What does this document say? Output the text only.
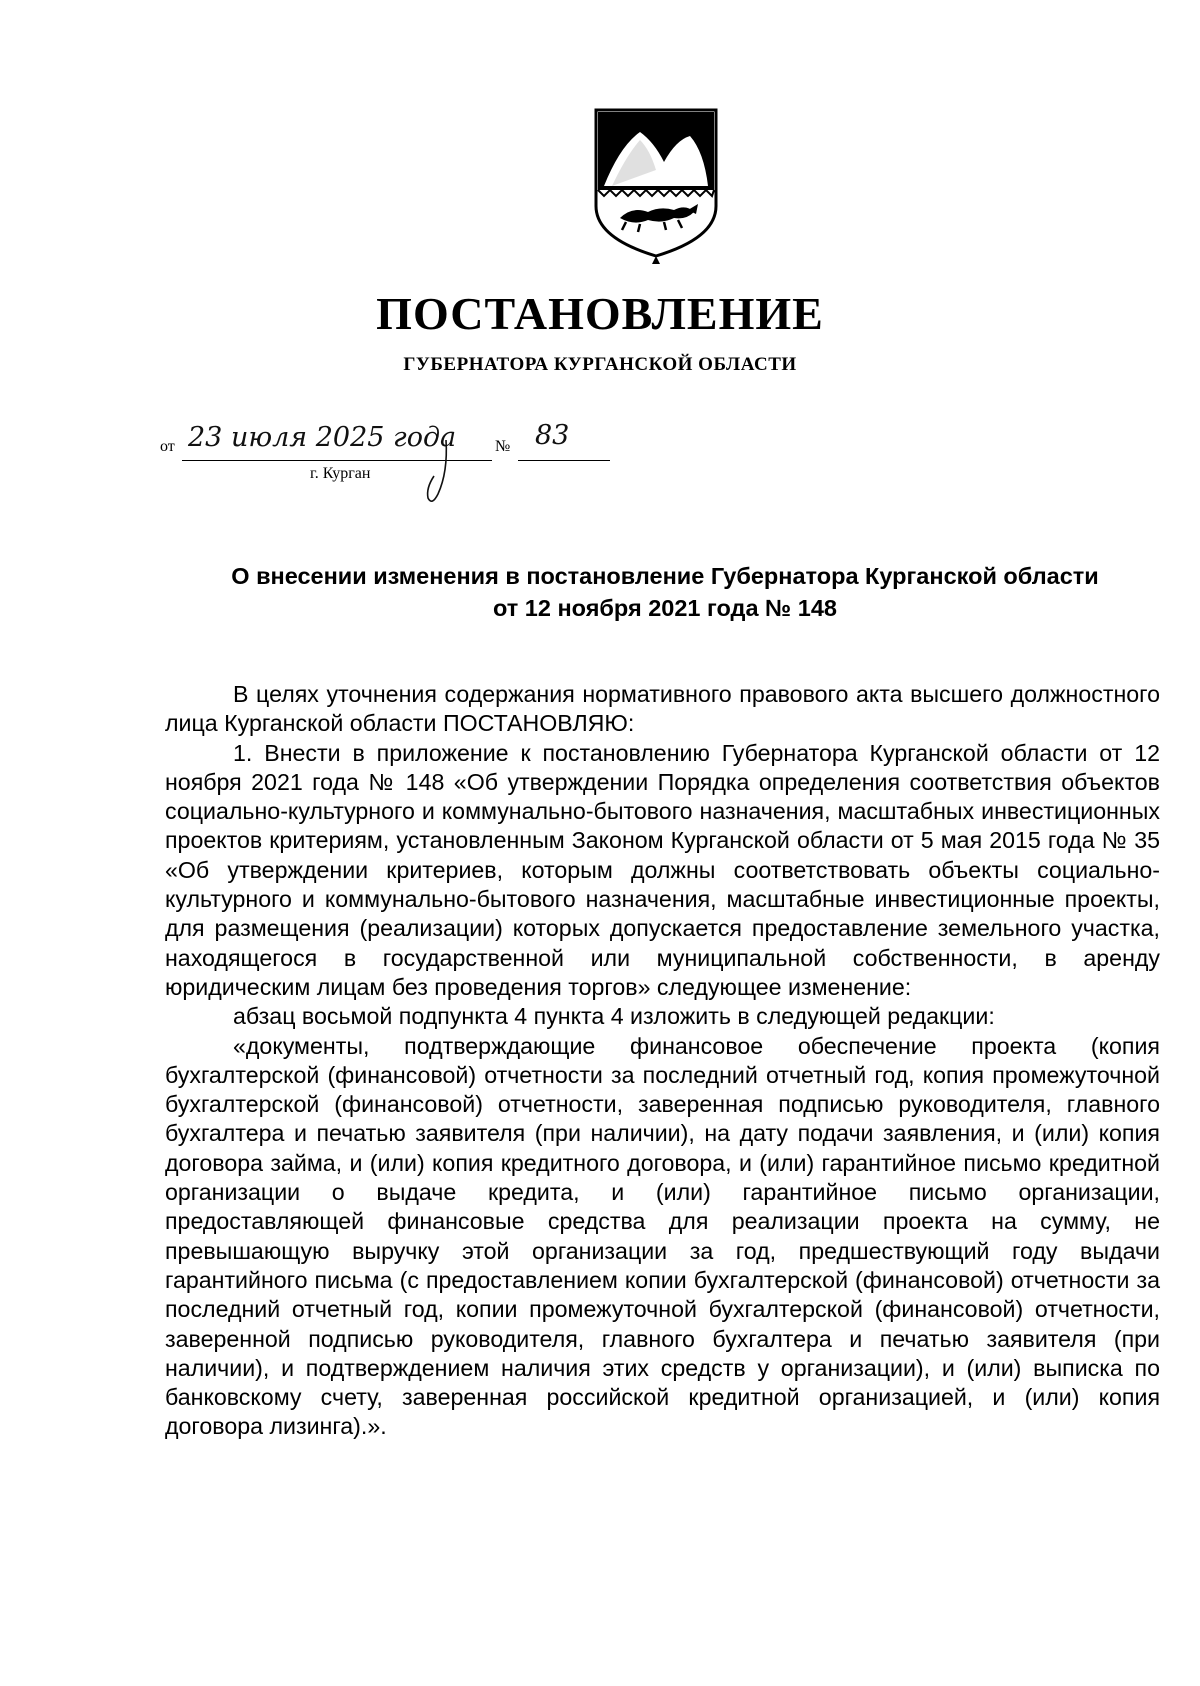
ПОСТАНОВЛЕНИЕ
ГУБЕРНАТОРА КУРГАНСКОЙ ОБЛАСТИ
от 23 июля 2025 года № 83
г. Курган
О внесении изменения в постановление Губернатора Курганской области
от 12 ноября 2021 года № 148

В целях уточнения содержания нормативного правового акта высшего должностного лица Курганской области ПОСТАНОВЛЯЮ:

1. Внести в приложение к постановлению Губернатора Курганской области от 12 ноября 2021 года № 148 «Об утверждении Порядка определения соответствия объектов социально-культурного и коммунально-бытового назначения, масштабных инвестиционных проектов критериям, установленным Законом Курганской области от 5 мая 2015 года № 35 «Об утверждении критериев, которым должны соответствовать объекты социально-культурного и коммунально-бытового назначения, масштабные инвестиционные проекты, для размещения (реализации) которых допускается предоставление земельного участка, находящегося в государственной или муниципальной собственности, в аренду юридическим лицам без проведения торгов» следующее изменение:

абзац восьмой подпункта 4 пункта 4 изложить в следующей редакции:

«документы, подтверждающие финансовое обеспечение проекта (копия бухгалтерской (финансовой) отчетности за последний отчетный год, копия промежуточной бухгалтерской (финансовой) отчетности, заверенная подписью руководителя, главного бухгалтера и печатью заявителя (при наличии), на дату подачи заявления, и (или) копия договора займа, и (или) копия кредитного договора, и (или) гарантийное письмо кредитной организации о выдаче кредита, и (или) гарантийное письмо организации, предоставляющей финансовые средства для реализации проекта на сумму, не превышающую выручку этой организации за год, предшествующий году выдачи гарантийного письма (с предоставлением копии бухгалтерской (финансовой) отчетности за последний отчетный год, копии промежуточной бухгалтерской (финансовой) отчетности, заверенной подписью руководителя, главного бухгалтера и печатью заявителя (при наличии), и подтверждением наличия этих средств у организации), и (или) выписка по банковскому счету, заверенная российской кредитной организацией, и (или) копия договора лизинга).».
